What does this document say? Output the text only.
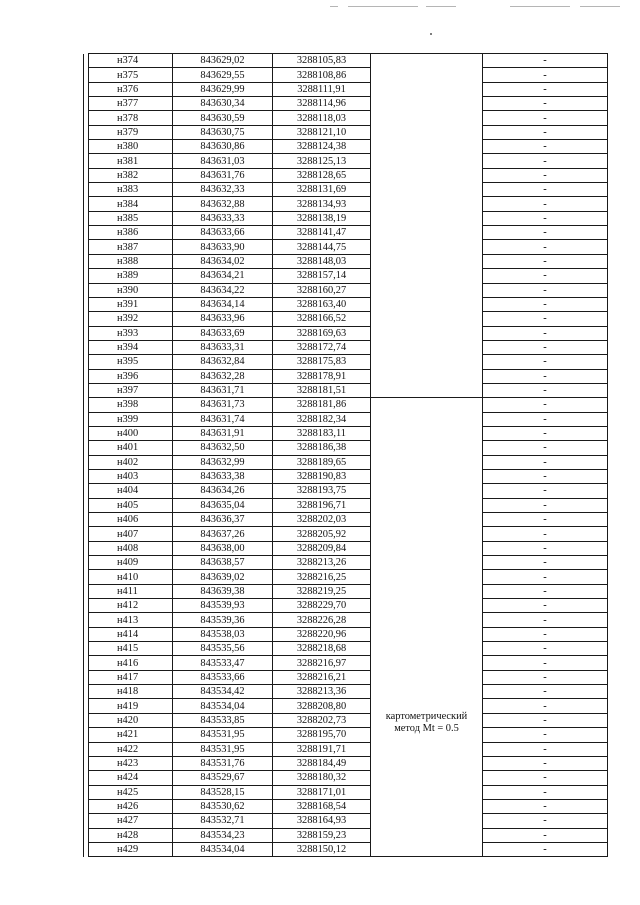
	н374	843629,02	3288105,83		-
	н375	843629,55	3288108,86		-
	н376	843629,99	3288111,91		-
	н377	843630,34	3288114,96		-
	н378	843630,59	3288118,03		-
	н379	843630,75	3288121,10		-
	н380	843630,86	3288124,38		-
	н381	843631,03	3288125,13		-
	н382	843631,76	3288128,65		-
	н383	843632,33	3288131,69		-
	н384	843632,88	3288134,93		-
	н385	843633,33	3288138,19		-
	н386	843633,66	3288141,47		-
	н387	843633,90	3288144,75		-
	н388	843634,02	3288148,03		-
	н389	843634,21	3288157,14		-
	н390	843634,22	3288160,27		-
	н391	843634,14	3288163,40		-
	н392	843633,96	3288166,52		-
	н393	843633,69	3288169,63		-
	н394	843633,31	3288172,74		-
	н395	843632,84	3288175,83		-
	н396	843632,28	3288178,91		-
	н397	843631,71	3288181,51		-
	н398	843631,73	3288181,86	картометрический
метод Mt = 0.5	-
	н399	843631,74	3288182,34		-
	н400	843631,91	3288183,11		-
	н401	843632,50	3288186,38		-
	н402	843632,99	3288189,65		-
	н403	843633,38	3288190,83		-
	н404	843634,26	3288193,75		-
	н405	843635,04	3288196,71		-
	н406	843636,37	3288202,03		-
	н407	843637,26	3288205,92		-
	н408	843638,00	3288209,84		-
	н409	843638,57	3288213,26		-
	н410	843639,02	3288216,25		-
	н411	843639,38	3288219,25		-
	н412	843539,93	3288229,70		-
	н413	843539,36	3288226,28		-
	н414	843538,03	3288220,96		-
	н415	843535,56	3288218,68		-
	н416	843533,47	3288216,97		-
	н417	843533,66	3288216,21		-
	н418	843534,42	3288213,36		-
	н419	843534,04	3288208,80		-
	н420	843533,85	3288202,73		-
	н421	843531,95	3288195,70		-
	н422	843531,95	3288191,71		-
	н423	843531,76	3288184,49		-
	н424	843529,67	3288180,32		-
	н425	843528,15	3288171,01		-
	н426	843530,62	3288168,54		-
	н427	843532,71	3288164,93		-
	н428	843534,23	3288159,23		-
	н429	843534,04	3288150,12		-
